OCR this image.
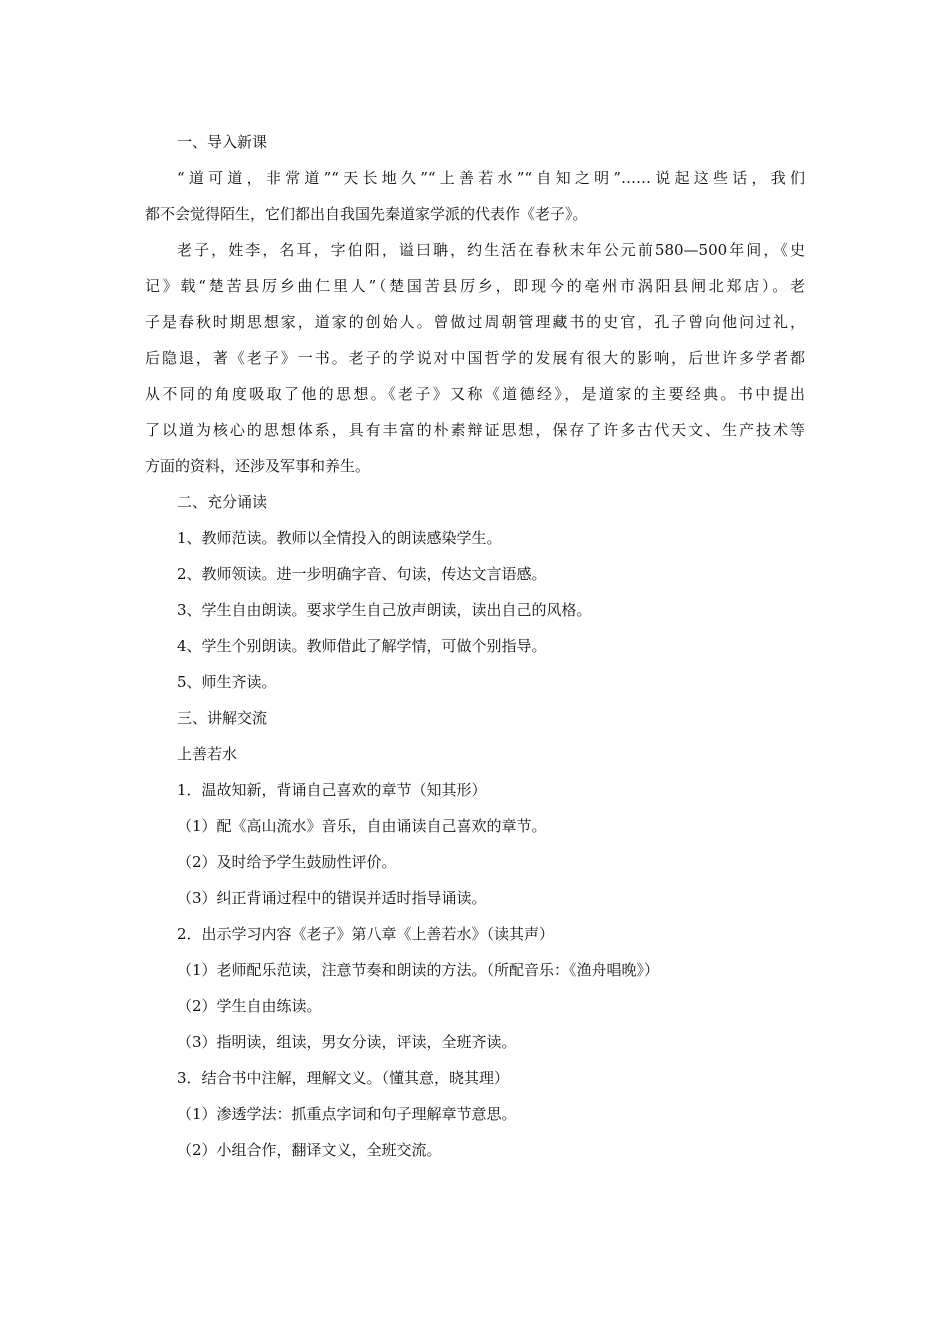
一、导入新课
“道可道，非常道”“天长地久”“上善若水”“自知之明”……说起这些话，我们
都不会觉得陌生，它们都出自我国先秦道家学派的代表作《老子》。
老子，姓李，名耳，字伯阳，谥曰聃，约生活在春秋末年公元前580—500年间，《史
记》载“楚苦县厉乡曲仁里人”（楚国苦县厉乡，即现今的亳州市涡阳县闸北郑店）。老
子是春秋时期思想家，道家的创始人。曾做过周朝管理藏书的史官，孔子曾向他问过礼，
后隐退，著《老子》一书。老子的学说对中国哲学的发展有很大的影响，后世许多学者都
从不同的角度吸取了他的思想。《老子》又称《道德经》，是道家的主要经典。书中提出
了以道为核心的思想体系，具有丰富的朴素辩证思想，保存了许多古代天文、生产技术等
方面的资料，还涉及军事和养生。
二、充分诵读
1、教师范读。教师以全情投入的朗读感染学生。
2、教师领读。进一步明确字音、句读，传达文言语感。
3、学生自由朗读。要求学生自己放声朗读，读出自己的风格。
4、学生个别朗读。教师借此了解学情，可做个别指导。
5、师生齐读。
三、讲解交流
上善若水
1．温故知新，背诵自己喜欢的章节（知其形）
（1）配《高山流水》音乐，自由诵读自己喜欢的章节。
（2）及时给予学生鼓励性评价。
（3）纠正背诵过程中的错误并适时指导诵读。
2．出示学习内容《老子》第八章《上善若水》（读其声）
（1）老师配乐范读，注意节奏和朗读的方法。（所配音乐：《渔舟唱晚》）
（2）学生自由练读。
（3）指明读，组读，男女分读，评读，全班齐读。
3．结合书中注解，理解文义。（懂其意，晓其理）
（1）渗透学法：抓重点字词和句子理解章节意思。
（2）小组合作，翻译文义，全班交流。
